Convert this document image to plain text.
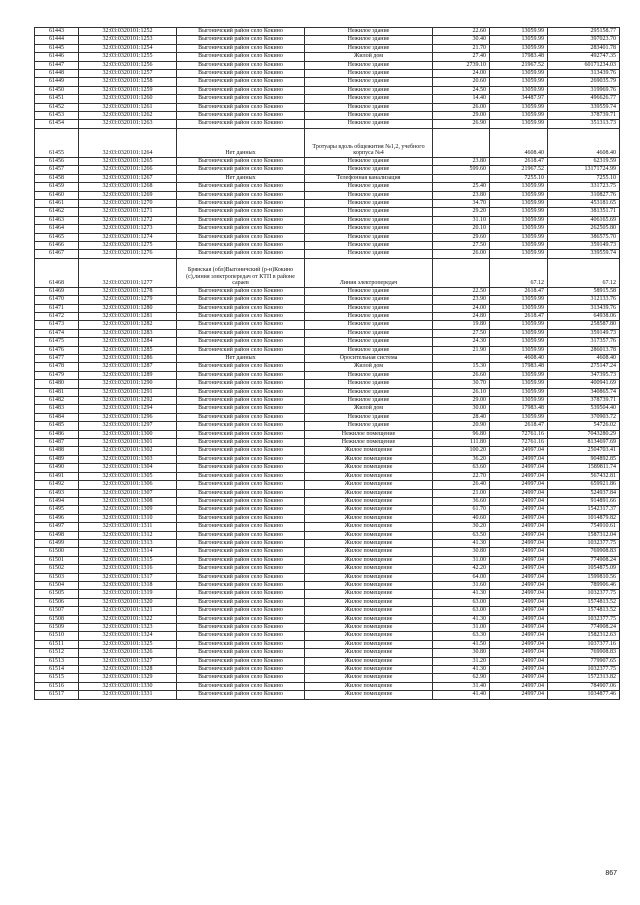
61443	32:03:0320101:1252	Выгоничский район село Кокино	Нежилое здание	22.60	13059.99	295158.77
61444	32:03:0320101:1253	Выгоничский район село Кокино	Нежилое здание	30.40	13059.99	397023.70
61445	32:03:0320101:1254	Выгоничский район село Кокино	Нежилое здание	21.70	13059.99	283401.78
61446	32:03:0320101:1255	Выгоничский район село Кокино	Жилой дом	27.40	17983.48	492747.35
61447	32:03:0320101:1256	Выгоничский район село Кокино	Нежилое здание	2739.10	21967.52	60171234.03
61448	32:03:0320101:1257	Выгоничский район село Кокино	Нежилое здание	24.00	13059.99	313439.76
61449	32:03:0320101:1258	Выгоничский район село Кокино	Нежилое здание	20.60	13059.99	269035.79
61450	32:03:0320101:1259	Выгоничский район село Кокино	Нежилое здание	24.50	13059.99	319969.76
61451	32:03:0320101:1260	Выгоничский район село Кокино	Нежилое здание	14.40	34487.97	496626.77
61452	32:03:0320101:1261	Выгоничский район село Кокино	Нежилое здание	26.00	13059.99	339559.74
61453	32:03:0320101:1262	Выгоничский район село Кокино	Нежилое здание	29.00	13059.99	378739.71
61454	32:03:0320101:1263	Выгоничский район село Кокино	Нежилое здание	26.90	13059.99	351313.73
61455	32:03:0320101:1264	Нет данных	Тротуары вдоль общежития №1,2, учебного корпуса №4		4608.40	4608.40
61456	32:03:0320101:1265	Выгоничский район село Кокино	Нежилое здание	23.80	2618.47	62319.59
61457	32:03:0320101:1266	Выгоничский район село Кокино	Нежилое здание	599.60	21967.52	13171724.99
61458	32:03:0320101:1267	Нет данных	Телефонная канализация		7255.10	7255.10
61459	32:03:0320101:1268	Выгоничский район село Кокино	Нежилое здание	25.40	13059.99	331723.75
61460	32:03:0320101:1269	Выгоничский район село Кокино	Нежилое здание	23.80	13059.99	310827.76
61461	32:03:0320101:1270	Выгоничский район село Кокино	Нежилое здание	34.70	13059.99	453181.65
61462	32:03:0320101:1271	Выгоничский район село Кокино	Нежилое здание	29.20	13059.99	381351.71
61463	32:03:0320101:1272	Выгоничский район село Кокино	Нежилое здание	31.10	13059.99	406165.69
61464	32:03:0320101:1273	Выгоничский район село Кокино	Нежилое здание	20.10	13059.99	262505.80
61465	32:03:0320101:1274	Выгоничский район село Кокино	Нежилое здание	29.60	13059.99	386575.70
61466	32:03:0320101:1275	Выгоничский район село Кокино	Нежилое здание	27.50	13059.99	359149.73
61467	32:03:0320101:1276	Выгоничский район село Кокино	Нежилое здание	26.00	13059.99	339559.74
61468	32:03:0320101:1277	Брянская (обл)Выгоничский (р-н)Кокино (с),линия электропередач от КТП в районе сараев	Линия электропередач		67.12	67.12
61469	32:03:0320101:1278	Выгоничский район село Кокино	Нежилое здание	22.50	2618.47	58915.58
61470	32:03:0320101:1279	Выгоничский район село Кокино	Нежилое здание	23.90	13059.99	312133.76
61471	32:03:0320101:1280	Выгоничский район село Кокино	Нежилое здание	24.00	13059.99	313439.76
61472	32:03:0320101:1281	Выгоничский район село Кокино	Нежилое здание	24.80	2618.47	64938.06
61473	32:03:0320101:1282	Выгоничский район село Кокино	Нежилое здание	19.80	13059.99	258587.80
61474	32:03:0320101:1283	Выгоничский район село Кокино	Нежилое здание	27.50	13059.99	359149.73
61475	32:03:0320101:1284	Выгоничский район село Кокино	Нежилое здание	24.30	13059.99	317357.76
61476	32:03:0320101:1285	Выгоничский район село Кокино	Нежилое здание	21.90	13059.99	286013.78
61477	32:03:0320101:1286	Нет данных	Оросительная система		4608.40	4608.40
61478	32:03:0320101:1287	Выгоничский район село Кокино	Жилой дом	15.30	17983.48	275147.24
61479	32:03:0320101:1289	Выгоничский район село Кокино	Нежилое здание	26.60	13059.99	347395.73
61480	32:03:0320101:1290	Выгоничский район село Кокино	Нежилое здание	30.70	13059.99	400941.69
61481	32:03:0320101:1291	Выгоничский район село Кокино	Нежилое здание	26.10	13059.99	340865.74
61482	32:03:0320101:1292	Выгоничский район село Кокино	Нежилое здание	29.00	13059.99	378739.71
61483	32:03:0320101:1294	Выгоничский район село Кокино	Жилой дом	30.00	17983.48	539504.40
61484	32:03:0320101:1296	Выгоничский район село Кокино	Нежилое здание	28.40	13059.99	370903.72
61485	32:03:0320101:1297	Выгоничский район село Кокино	Нежилое здание	20.90	2618.47	54726.02
61486	32:03:0320101:1300	Выгоничский район село Кокино	Нежилое помещение	96.80	72761.16	7043280.29
61487	32:03:0320101:1301	Выгоничский район село Кокино	Нежилое помещение	111.80	72761.16	8134697.69
61488	32:03:0320101:1302	Выгоничский район село Кокино	Жилое помещение	100.20	24997.04	2504703.41
61489	32:03:0320101:1303	Выгоничский район село Кокино	Жилое помещение	36.20	24997.04	904892.85
61490	32:03:0320101:1304	Выгоничский район село Кокино	Жилое помещение	63.60	24997.04	1589811.74
61491	32:03:0320101:1305	Выгоничский район село Кокино	Жилое помещение	22.70	24997.04	567432.81
61492	32:03:0320101:1306	Выгоничский район село Кокино	Жилое помещение	26.40	24997.04	659921.86
61493	32:03:0320101:1307	Выгоничский район село Кокино	Жилое помещение	21.00	24997.04	524937.84
61494	32:03:0320101:1308	Выгоничский район село Кокино	Жилое помещение	36.60	24997.04	914891.66
61495	32:03:0320101:1309	Выгоничский район село Кокино	Жилое помещение	61.70	24997.04	1542317.37
61496	32:03:0320101:1310	Выгоничский район село Кокино	Жилое помещение	40.60	24997.04	1014879.82
61497	32:03:0320101:1311	Выгоничский район село Кокино	Жилое помещение	30.20	24997.04	754910.61
61498	32:03:0320101:1312	Выгоничский район село Кокино	Жилое помещение	63.50	24997.04	1587312.04
61499	32:03:0320101:1313	Выгоничский район село Кокино	Жилое помещение	41.30	24997.04	1032377.75
61500	32:03:0320101:1314	Выгоничский район село Кокино	Жилое помещение	30.80	24997.04	769908.83
61501	32:03:0320101:1315	Выгоничский район село Кокино	Жилое помещение	31.00	24997.04	774908.24
61502	32:03:0320101:1316	Выгоничский район село Кокино	Жилое помещение	42.20	24997.04	1054875.09
61503	32:03:0320101:1317	Выгоничский район село Кокино	Жилое помещение	64.00	24997.04	1599810.56
61504	32:03:0320101:1318	Выгоничский район село Кокино	Жилое помещение	31.60	24997.04	789906.46
61505	32:03:0320101:1319	Выгоничский район село Кокино	Жилое помещение	41.30	24997.04	1032377.75
61506	32:03:0320101:1320	Выгоничский район село Кокино	Жилое помещение	63.00	24997.04	1574813.52
61507	32:03:0320101:1321	Выгоничский район село Кокино	Жилое помещение	63.00	24997.04	1574813.52
61508	32:03:0320101:1322	Выгоничский район село Кокино	Жилое помещение	41.30	24997.04	1032377.75
61509	32:03:0320101:1323	Выгоничский район село Кокино	Жилое помещение	31.00	24997.04	774908.24
61510	32:03:0320101:1324	Выгоничский район село Кокино	Жилое помещение	63.30	24997.04	1582312.63
61511	32:03:0320101:1325	Выгоничский район село Кокино	Жилое помещение	41.50	24997.04	1037377.16
61512	32:03:0320101:1326	Выгоничский район село Кокино	Жилое помещение	30.80	24997.04	769908.83
61513	32:03:0320101:1327	Выгоничский район село Кокино	Жилое помещение	31.20	24997.04	779907.65
61514	32:03:0320101:1328	Выгоничский район село Кокино	Жилое помещение	41.30	24997.04	1032377.75
61515	32:03:0320101:1329	Выгоничский район село Кокино	Жилое помещение	62.90	24997.04	1572313.82
61516	32:03:0320101:1330	Выгоничский район село Кокино	Жилое помещение	31.40	24997.04	784907.06
61517	32:03:0320101:1331	Выгоничский район село Кокино	Жилое помещение	41.40	24997.04	1034877.46
867
